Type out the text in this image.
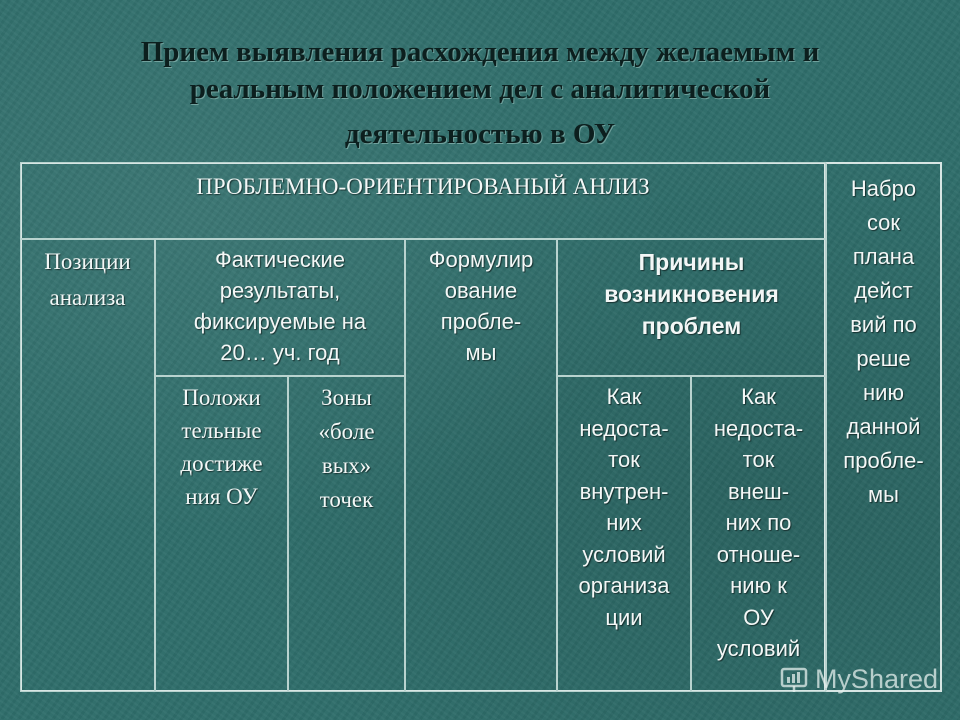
Прием выявления расхождения между желаемым и
реальным положением дел с аналитической
деятельностью в ОУ
ПРОБЛЕМНО-ОРИЕНТИРОВАНЫЙ АНЛИЗ	Набро
сок
плана
дейст
вий по
реше
нию
данной
пробле-
мы
Позиции
анализа
Фактические
результаты,
фиксируемые на
20… уч. год
Формулир
ование
пробле-
мы
Причины
возникновения
проблем
Положи
тельные
достиже
ния ОУ
Зоны
«боле
вых»
точек
Как
недоста-
ток
внутрен-
них
условий
организа
ции
Как
недоста-
ток
внеш-
них по
отноше-
нию к
ОУ
условий
MyShared
